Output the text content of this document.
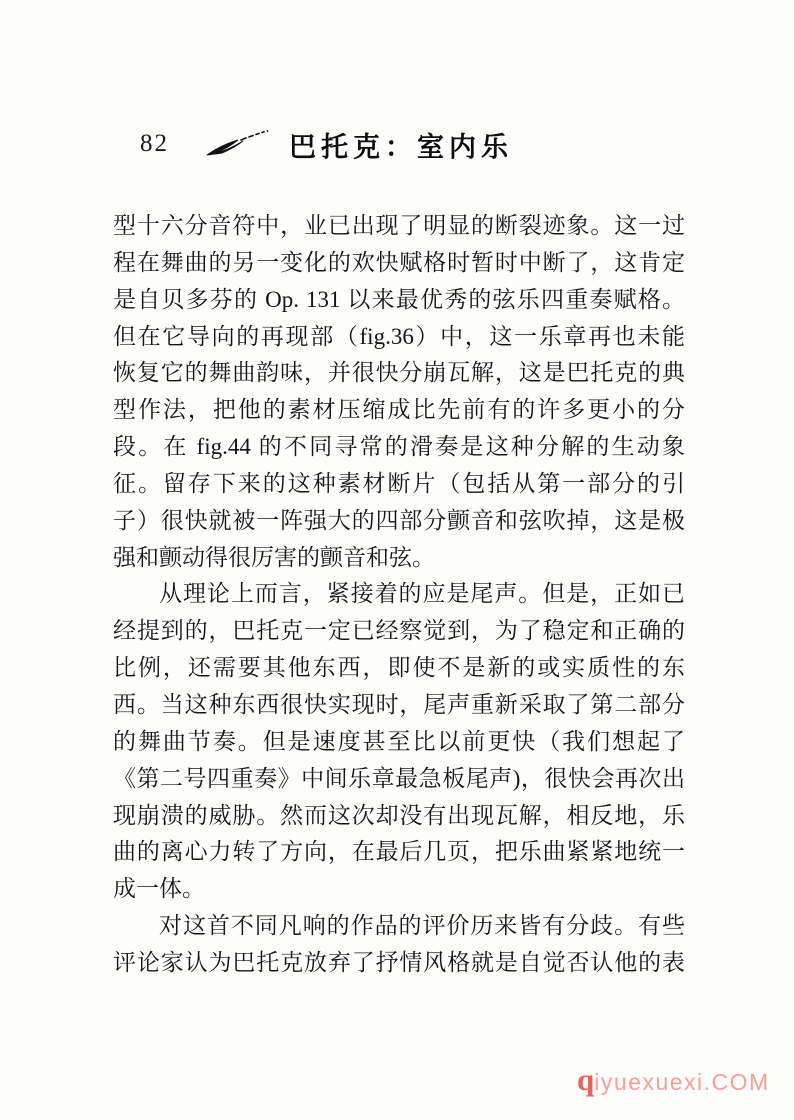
82	巴托克：室内乐
型十六分音符中，业已出现了明显的断裂迹象。这一过
程在舞曲的另一变化的欢快赋格时暂时中断了，这肯定
是自贝多芬的 Op. 131 以来最优秀的弦乐四重奏赋格。
但在它导向的再现部（fig.36）中，这一乐章再也未能
恢复它的舞曲韵味，并很快分崩瓦解，这是巴托克的典
型作法，把他的素材压缩成比先前有的许多更小的分
段。在 fig.44 的不同寻常的滑奏是这种分解的生动象
征。留存下来的这种素材断片（包括从第一部分的引
子）很快就被一阵强大的四部分颤音和弦吹掉，这是极
强和颤动得很厉害的颤音和弦。
从理论上而言，紧接着的应是尾声。但是，正如已
经提到的，巴托克一定已经察觉到，为了稳定和正确的
比例，还需要其他东西，即使不是新的或实质性的东
西。当这种东西很快实现时，尾声重新采取了第二部分
的舞曲节奏。但是速度甚至比以前更快（我们想起了
《第二号四重奏》中间乐章最急板尾声)，很快会再次出
现崩溃的威胁。然而这次却没有出现瓦解，相反地，乐
曲的离心力转了方向，在最后几页，把乐曲紧紧地统一
成一体。
对这首不同凡响的作品的评价历来皆有分歧。有些
评论家认为巴托克放弃了抒情风格就是自觉否认他的表
q iyuexuexi.COM
